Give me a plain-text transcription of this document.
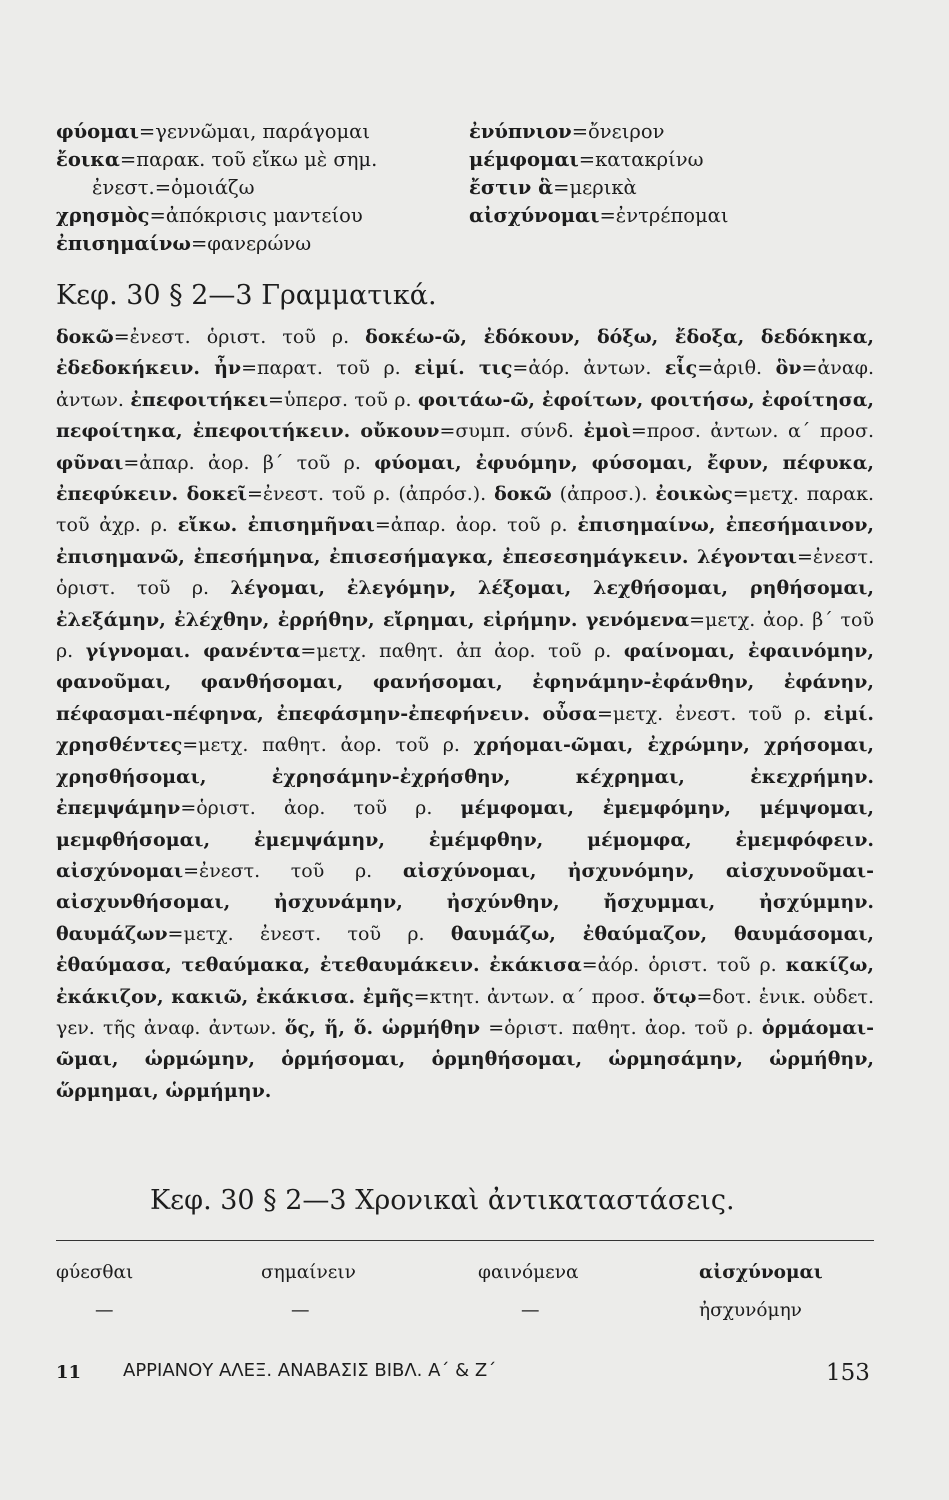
φύομαι=γεννῶμαι, παράγομαι
ἔοικα=παρακ. τοῦ εἴκω μὲ σημ.
ἐνεστ.=ὁμοιάζω
χρησμὸς=ἀπόκρισις μαντείου
ἐπισημαίνω=φανερώνω
ἐνύπνιον=ὄνειρον
μέμφομαι=κατακρίνω
ἔστιν ἃ=μερικὰ
αἰσχύνομαι=ἐντρέπομαι
Κεφ. 30 § 2—3 Γραμματικά.

δοκῶ=ἐνεστ. ὁριστ. τοῦ ρ. δοκέω-ῶ, ἐδόκουν, δόξω, ἔδοξα, δεδόκηκα, ἐδεδοκήκειν. ἦν=παρατ. τοῦ ρ. εἰμί. τις=ἀόρ. ἀντων. εἷς=ἀριθ. ὃν=ἀναφ. ἀντων. ἐπεφοιτήκει=ὑπερσ. τοῦ ρ. φοιτάω-ῶ, ἐφοίτων, φοιτήσω, ἐφοίτησα, πεφοίτηκα, ἐπεφοιτήκειν. οὔκουν=συμπ. σύνδ. ἐμοὶ=προσ. ἀντων. α΄ προσ. φῦναι=ἀπαρ. ἀορ. β΄ τοῦ ρ. φύομαι, ἐφυόμην, φύσομαι, ἔφυν, πέφυκα, ἐπεφύκειν. δοκεῖ=ἐνεστ. τοῦ ρ. (ἀπρόσ.). δοκῶ (ἀπροσ.). ἐοικὼς=μετχ. παρακ. τοῦ ἀχρ. ρ. εἴκω. ἐπισημῆναι=ἀπαρ. ἀορ. τοῦ ρ. ἐπισημαίνω, ἐπεσήμαινον, ἐπισημανῶ, ἐπεσήμηνα, ἐπισεσήμαγκα, ἐπεσεσημάγκειν. λέγονται=ἐνεστ. ὁριστ. τοῦ ρ. λέγομαι, ἐλεγόμην, λέξομαι, λεχθήσομαι, ρηθήσομαι, ἐλεξάμην, ἐλέχθην, ἐρρήθην, εἴρημαι, εἰρήμην. γενόμενα=μετχ. ἀορ. β΄ τοῦ ρ. γίγνομαι. φανέντα=μετχ. παθητ. ἀπ ἀορ. τοῦ ρ. φαίνομαι, ἐφαινόμην, φανοῦμαι, φανθήσομαι, φανήσομαι, ἐφηνάμην-ἐφάνθην, ἐφάνην, πέφασμαι-πέφηνα, ἐπεφάσμην-ἐπεφήνειν. οὖσα=μετχ. ἐνεστ. τοῦ ρ. εἰμί. χρησθέντες=μετχ. παθητ. ἀορ. τοῦ ρ. χρήομαι-ῶμαι, ἐχρώμην, χρήσομαι, χρησθήσομαι, ἐχρησάμην-ἐχρήσθην, κέχρημαι, ἐκεχρήμην. ἐπεμψάμην=ὁριστ. ἀορ. τοῦ ρ. μέμφομαι, ἐμεμφόμην, μέμψομαι, μεμφθήσομαι, ἐμεμψάμην, ἐμέμφθην, μέμομφα, ἐμεμφόφειν. αἰσχύνομαι=ἐνεστ. τοῦ ρ. αἰσχύνομαι, ἠσχυνόμην, αἰσχυνοῦμαι-αἰσχυνθήσομαι, ἠσχυνάμην, ἠσχύνθην, ἤσχυμμαι, ἠσχύμμην. θαυμάζων=μετχ. ἐνεστ. τοῦ ρ. θαυμάζω, ἐθαύμαζον, θαυμάσομαι, ἐθαύμασα, τεθαύμακα, ἐτεθαυμάκειν. ἐκάκισα=ἀόρ. ὁριστ. τοῦ ρ. κακίζω, ἐκάκιζον, κακιῶ, ἐκάκισα. ἐμῆς=κτητ. ἀντων. α΄ προσ. ὅτῳ=δοτ. ἑνικ. οὐδετ. γεν. τῆς ἀναφ. ἀντων. ὅς, ἥ, ὅ. ὡρμήθην =ὁριστ. παθητ. ἀορ. τοῦ ρ. ὁρμάομαι-ῶμαι, ὡρμώμην, ὁρμήσομαι, ὁρμηθήσομαι, ὡρμησάμην, ὡρμήθην, ὥρμημαι, ὡρμήμην.

Κεφ. 30 § 2—3 Χρονικαὶ ἀντικαταστάσεις.
φύεσθαι	σημαίνειν	φαινόμενα	αἰσχύνομαι
—	—	—	ἠσχυνόμην
11 ΑΡΡΙΑΝΟΥ ΑΛΕΞ. ΑΝΑΒΑΣΙΣ ΒΙΒΛ. Α΄ & Ζ΄	153
